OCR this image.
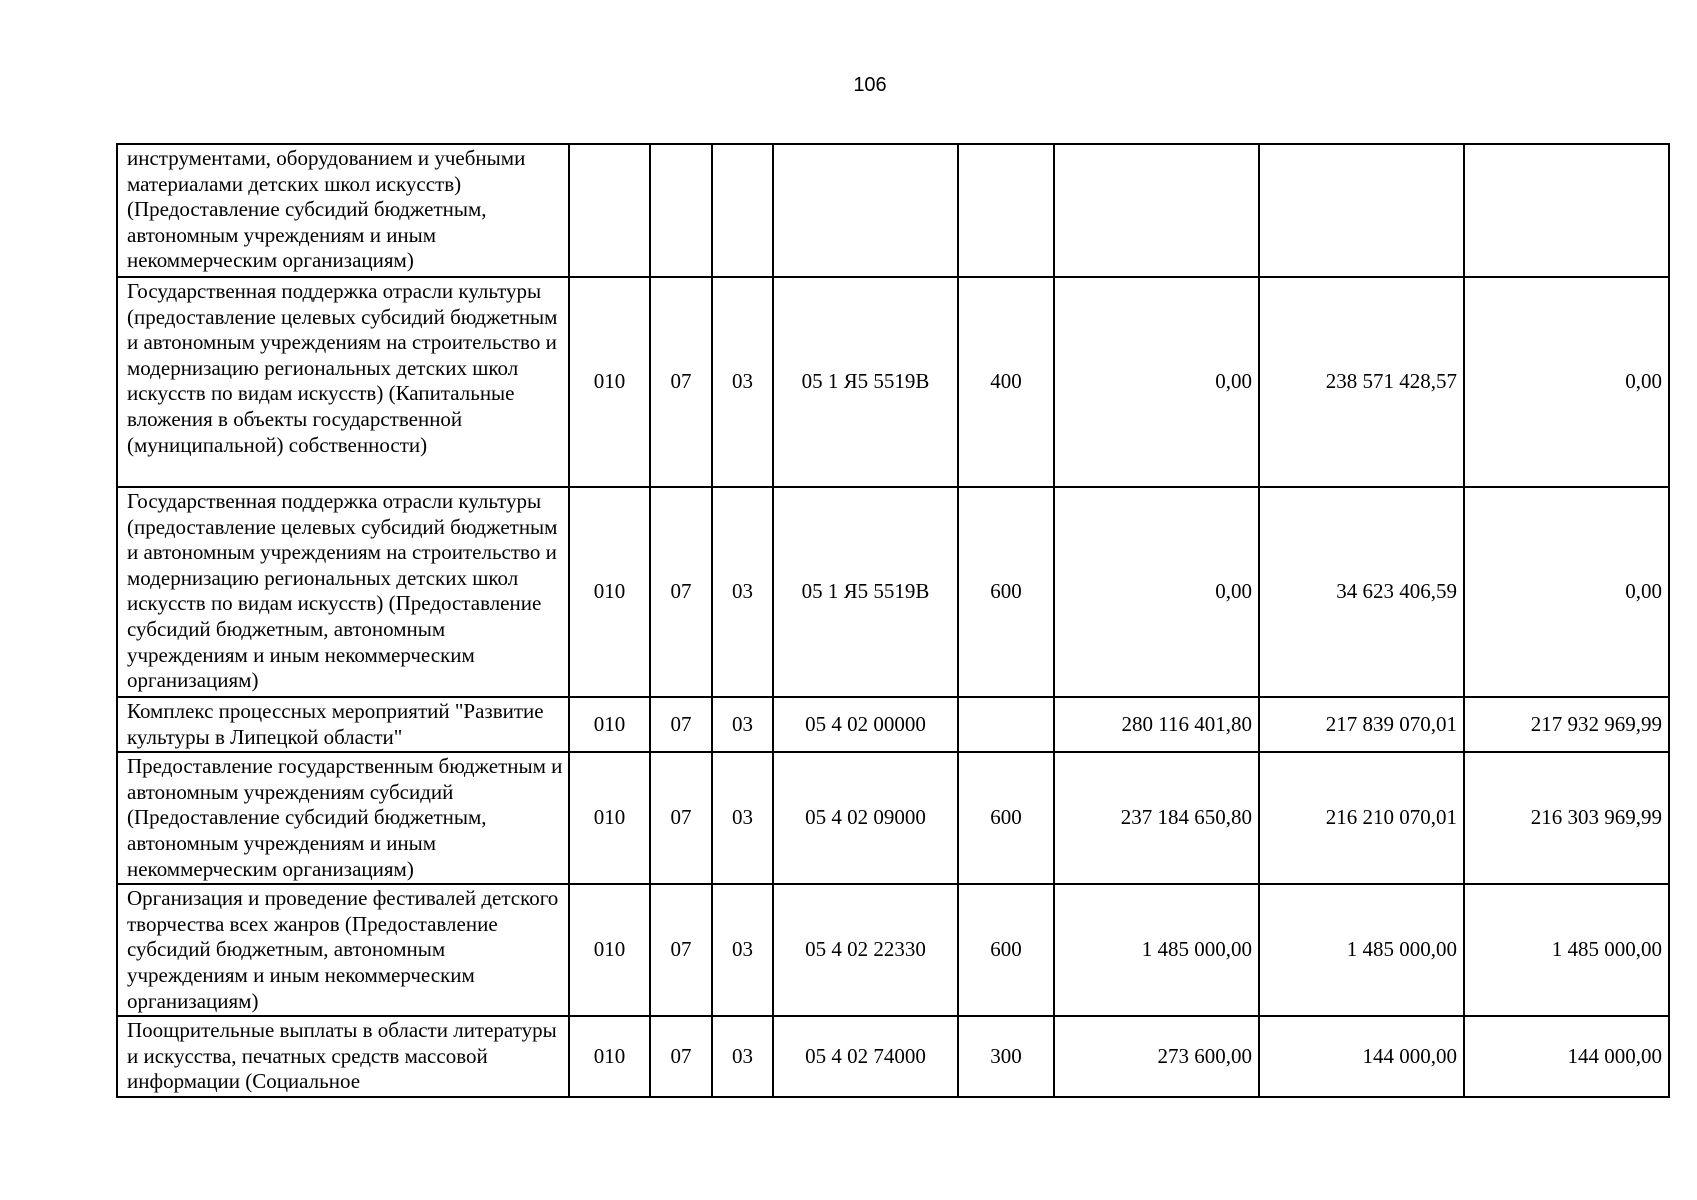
106
инструментами, оборудованием и учебными материалами детских школ искусств) (Предоставление субсидий бюджетным, автономным учреждениям и иным некоммерческим организациям)								
Государственная поддержка отрасли культуры (предоставление целевых субсидий бюджетным и автономным учреждениям на строительство и модернизацию региональных детских школ искусств по видам искусств) (Капитальные вложения в объекты государственной (муниципальной) собственности)	010	07	03	05 1 Я5 5519В	400	0,00	238 571 428,57	0,00
Государственная поддержка отрасли культуры (предоставление целевых субсидий бюджетным и автономным учреждениям на строительство и модернизацию региональных детских школ искусств по видам искусств) (Предоставление субсидий бюджетным, автономным учреждениям и иным некоммерческим организациям)	010	07	03	05 1 Я5 5519В	600	0,00	34 623 406,59	0,00
Комплекс процессных мероприятий "Развитие культуры в Липецкой области"	010	07	03	05 4 02 00000		280 116 401,80	217 839 070,01	217 932 969,99
Предоставление государственным бюджетным и автономным учреждениям субсидий (Предоставление субсидий бюджетным, автономным учреждениям и иным некоммерческим организациям)	010	07	03	05 4 02 09000	600	237 184 650,80	216 210 070,01	216 303 969,99
Организация и проведение фестивалей детского творчества всех жанров (Предоставление субсидий бюджетным, автономным учреждениям и иным некоммерческим организациям)	010	07	03	05 4 02 22330	600	1 485 000,00	1 485 000,00	1 485 000,00
Поощрительные выплаты в области литературы и искусства, печатных средств массовой информации (Социальное	010	07	03	05 4 02 74000	300	273 600,00	144 000,00	144 000,00
